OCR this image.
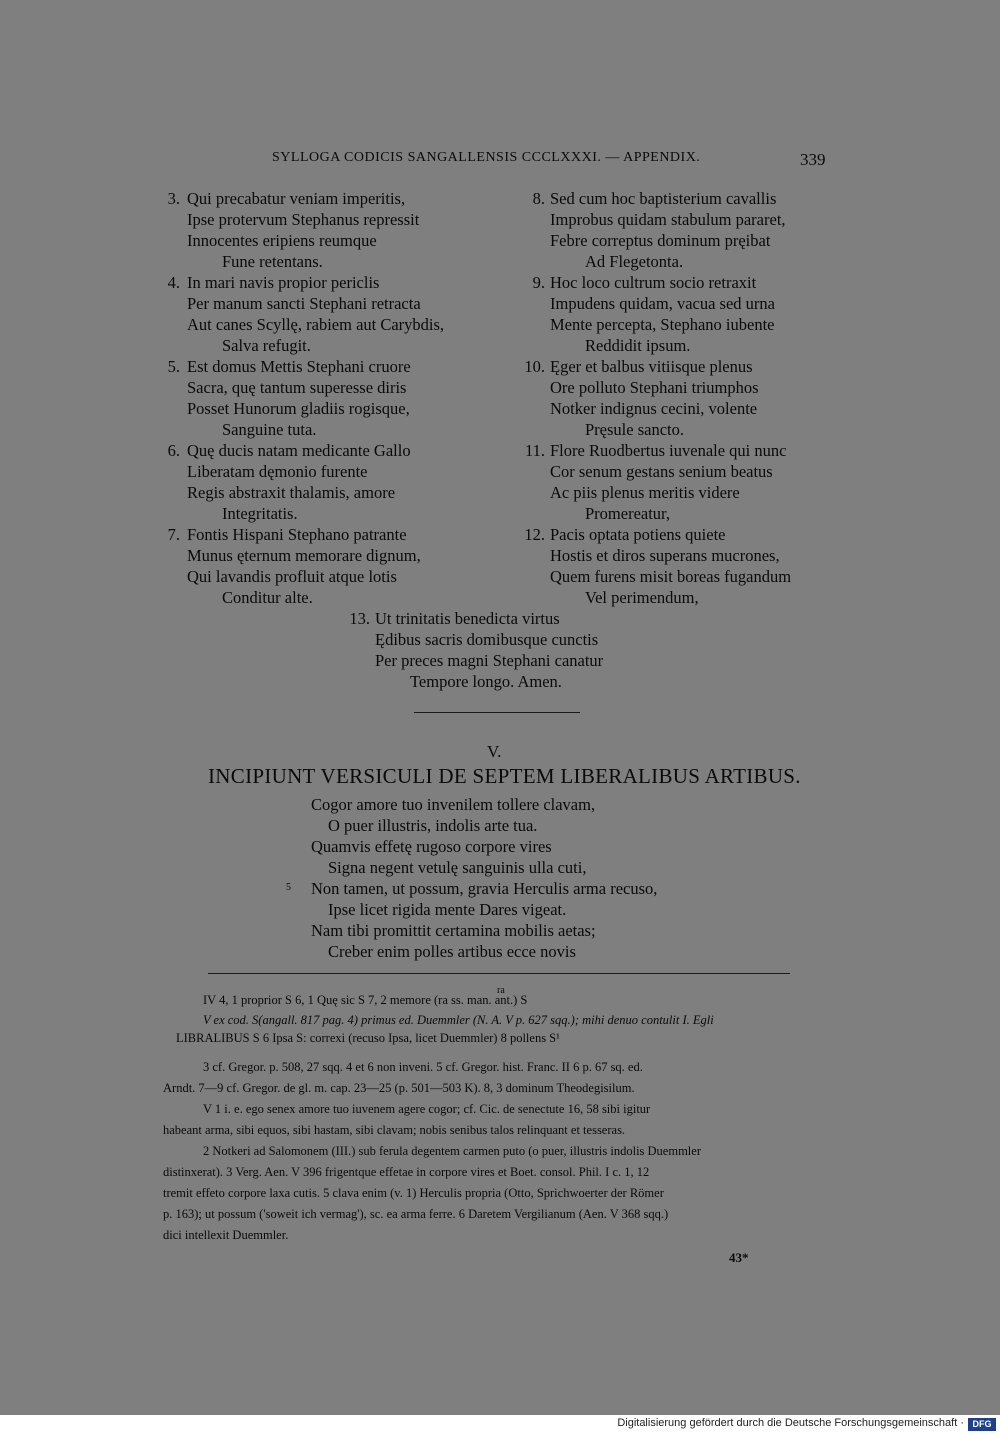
SYLLOGA CODICIS SANGALLENSIS CCCLXXXI. — APPENDIX.	339
3. Qui precabatur veniam imperitis,
Ipse protervum Stephanus repressit
Innocentes eripiens reumque
Fune retentans.
4. In mari navis propior periclis
Per manum sancti Stephani retracta
Aut canes Scyllę, rabiem aut Carybdis,
Salva refugit.
5. Est domus Mettis Stephani cruore
Sacra, quę tantum superesse diris
Posset Hunorum gladiis rogisque,
Sanguine tuta.
6. Quę ducis natam medicante Gallo
Liberatam dęmonio furente
Regis abstraxit thalamis, amore
Integritatis.
7. Fontis Hispani Stephano patrante
Munus ęternum memorare dignum,
Qui lavandis profluit atque lotis
Conditur alte.
8. Sed cum hoc baptisterium cavallis
Improbus quidam stabulum pararet,
Febre correptus dominum pręibat
Ad Flegetonta.
9. Hoc loco cultrum socio retraxit
Impudens quidam, vacua sed urna
Mente percepta, Stephano iubente
Reddidit ipsum.
10. Ęger et balbus vitiisque plenus
Ore polluto Stephani triumphos
Notker indignus cecini, volente
Pręsule sancto.
11. Flore Ruodbertus iuvenale qui nunc
Cor senum gestans senium beatus
Ac piis plenus meritis videre
Promereatur,
12. Pacis optata potiens quiete
Hostis et diros superans mucrones,
Quem furens misit boreas fugandum
Vel perimendum,
13. Ut trinitatis benedicta virtus
Ędibus sacris domibusque cunctis
Per preces magni Stephani canatur
Tempore longo. Amen.
V.
INCIPIUNT VERSICULI DE SEPTEM LIBERALIBUS ARTIBUS.
Cogor amore tuo invenilem tollere clavam,
O puer illustris, indolis arte tua.
Quamvis effetę rugoso corpore vires
Signa negent vetulę sanguinis ulla cuti,
Non tamen, ut possum, gravia Herculis arma recuso,
Ipse licet rigida mente Dares vigeat.
Nam tibi promittit certamina mobilis aetas;
Creber enim polles artibus ecce novis
5
IV 4, 1 proprior S 6, 1 Quę sic S 7, 2 memore (ra ss. man. ant.) S
ra
V ex cod. S(angall. 817 pag. 4) primus ed. Duemmler (N. A. V p. 627 sqq.); mihi denuo contulit I. Egli
LIBRALIBUS S 6 Ipsa S: correxi (recuso Ipsa, licet Duemmler) 8 pollens S¹
3 cf. Gregor. p. 508, 27 sqq. 4 et 6 non inveni. 5 cf. Gregor. hist. Franc. II 6 p. 67 sq. ed.
Arndt. 7—9 cf. Gregor. de gl. m. cap. 23—25 (p. 501—503 K). 8, 3 dominum Theodegisilum.
V 1 i. e. ego senex amore tuo iuvenem agere cogor; cf. Cic. de senectute 16, 58 sibi igitur
habeant arma, sibi equos, sibi hastam, sibi clavam; nobis senibus talos relinquant et tesseras.
2 Notkeri ad Salomonem (III.) sub ferula degentem carmen puto (o puer, illustris indolis Duemmler
distinxerat). 3 Verg. Aen. V 396 frigentque effetae in corpore vires et Boet. consol. Phil. I c. 1, 12
tremit effeto corpore laxa cutis. 5 clava enim (v. 1) Herculis propria (Otto, Sprichwoerter der Römer
p. 163); ut possum ('soweit ich vermag'), sc. ea arma ferre. 6 Daretem Vergilianum (Aen. V 368 sqq.)
dici intellexit Duemmler.
43*
Digitalisierung gefördert durch die Deutsche Forschungsgemeinschaft · DFG
